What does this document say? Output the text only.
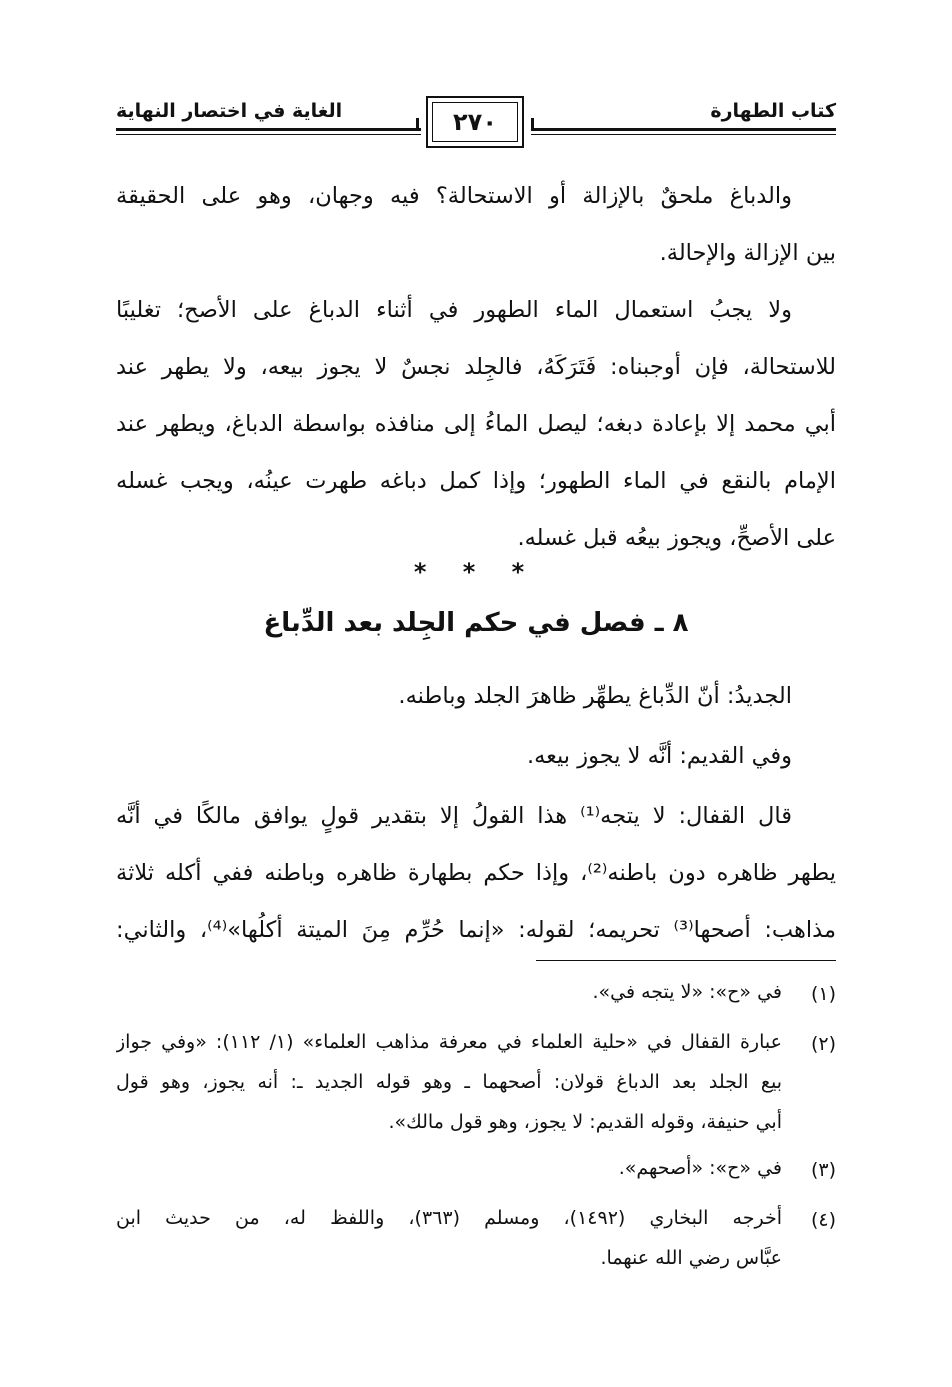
الغاية في اختصار النهاية	٢٧٠	كتاب الطهارة
والدباغ ملحقٌ بالإزالة أو الاستحالة؟ فيه وجهان، وهو على الحقيقة
بين الإزالة والإحالة.
ولا يجبُ استعمال الماء الطهور في أثناء الدباغ على الأصح؛ تغليبًا
للاستحالة، فإن أوجبناه: فَتَرَكَهُ، فالجِلد نجسٌ لا يجوز بيعه، ولا يطهر عند
أبي محمد إلا بإعادة دبغه؛ ليصل الماءُ إلى منافذه بواسطة الدباغ، ويطهر عند
الإمام بالنقع في الماء الطهور؛ وإذا كمل دباغه طهرت عينُه، ويجب غسله
على الأصحِّ، ويجوز بيعُه قبل غسله.
* * *
٨ ـ فصل في حكم الجِلد بعد الدِّباغ
الجديدُ: أنّ الدِّباغ يطهِّر ظاهرَ الجلد وباطنه.
وفي القديم: أنَّه لا يجوز بيعه.
قال القفال: لا يتجه⁽¹⁾ هذا القولُ إلا بتقدير قولٍ يوافق مالكًا في أنَّه
يطهر ظاهره دون باطنه⁽²⁾، وإذا حكم بطهارة ظاهره وباطنه ففي أكله ثلاثة
مذاهب: أصحها⁽³⁾ تحريمه؛ لقوله: «إنما حُرِّم مِنَ الميتة أكلُها»⁽⁴⁾، والثاني:
(١)
في «ح»: «لا يتجه في».
(٢)
عبارة القفال في «حلية العلماء في معرفة مذاهب العلماء» (١/ ١١٢): «وفي جواز
بيع الجلد بعد الدباغ قولان: أصحهما ـ وهو قوله الجديد ـ: أنه يجوز، وهو قول
أبي حنيفة، وقوله القديم: لا يجوز، وهو قول مالك».
(٣)
في «ح»: «أصحهم».
(٤)
أخرجه البخاري (١٤٩٢)، ومسلم (٣٦٣)، واللفظ له، من حديث ابن
عبَّاس رضي الله عنهما.
